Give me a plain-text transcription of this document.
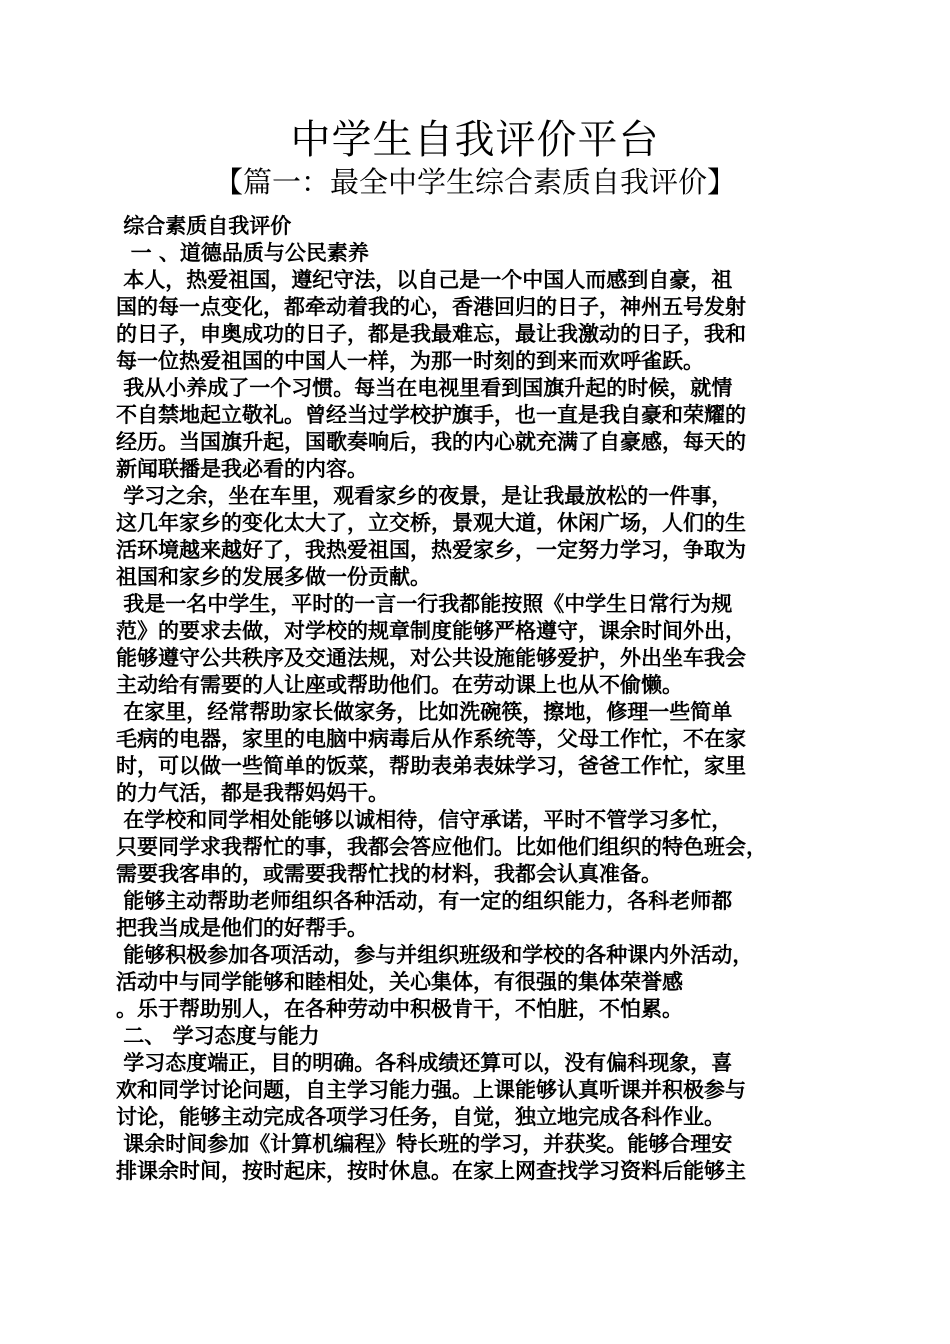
中学生自我评价平台
【篇一：最全中学生综合素质自我评价】
综合素质自我评价
一 、道德品质与公民素养
本人，热爱祖国，遵纪守法，以自己是一个中国人而感到自豪，祖
国的每一点变化，都牵动着我的心，香港回归的日子，神州五号发射
的日子，申奥成功的日子，都是我最难忘，最让我激动的日子，我和
每一位热爱祖国的中国人一样，为那一时刻的到来而欢呼雀跃。
我从小养成了一个习惯。每当在电视里看到国旗升起的时候，就情
不自禁地起立敬礼。曾经当过学校护旗手，也一直是我自豪和荣耀的
经历。当国旗升起，国歌奏响后，我的内心就充满了自豪感，每天的
新闻联播是我必看的内容。
学习之余，坐在车里，观看家乡的夜景，是让我最放松的一件事，
这几年家乡的变化太大了，立交桥，景观大道，休闲广场，人们的生
活环境越来越好了，我热爱祖国，热爱家乡，一定努力学习，争取为
祖国和家乡的发展多做一份贡献。
我是一名中学生，平时的一言一行我都能按照《中学生日常行为规
范》的要求去做，对学校的规章制度能够严格遵守，课余时间外出，
能够遵守公共秩序及交通法规，对公共设施能够爱护，外出坐车我会
主动给有需要的人让座或帮助他们。在劳动课上也从不偷懒。
在家里，经常帮助家长做家务，比如洗碗筷，擦地，修理一些简单
毛病的电器，家里的电脑中病毒后从作系统等，父母工作忙，不在家
时，可以做一些简单的饭菜，帮助表弟表妹学习，爸爸工作忙，家里
的力气活，都是我帮妈妈干。
在学校和同学相处能够以诚相待，信守承诺，平时不管学习多忙，
只要同学求我帮忙的事，我都会答应他们。比如他们组织的特色班会，
需要我客串的，或需要我帮忙找的材料，我都会认真准备。
能够主动帮助老师组织各种活动，有一定的组织能力，各科老师都
把我当成是他们的好帮手。
能够积极参加各项活动，参与并组织班级和学校的各种课内外活动，
活动中与同学能够和睦相处，关心集体，有很强的集体荣誉感
。乐于帮助别人，在各种劳动中积极肯干，不怕脏，不怕累。
二、 学习态度与能力
学习态度端正，目的明确。各科成绩还算可以，没有偏科现象，喜
欢和同学讨论问题，自主学习能力强。上课能够认真听课并积极参与
讨论，能够主动完成各项学习任务，自觉，独立地完成各科作业。
课余时间参加《计算机编程》特长班的学习，并获奖。能够合理安
排课余时间，按时起床，按时休息。在家上网查找学习资料后能够主
